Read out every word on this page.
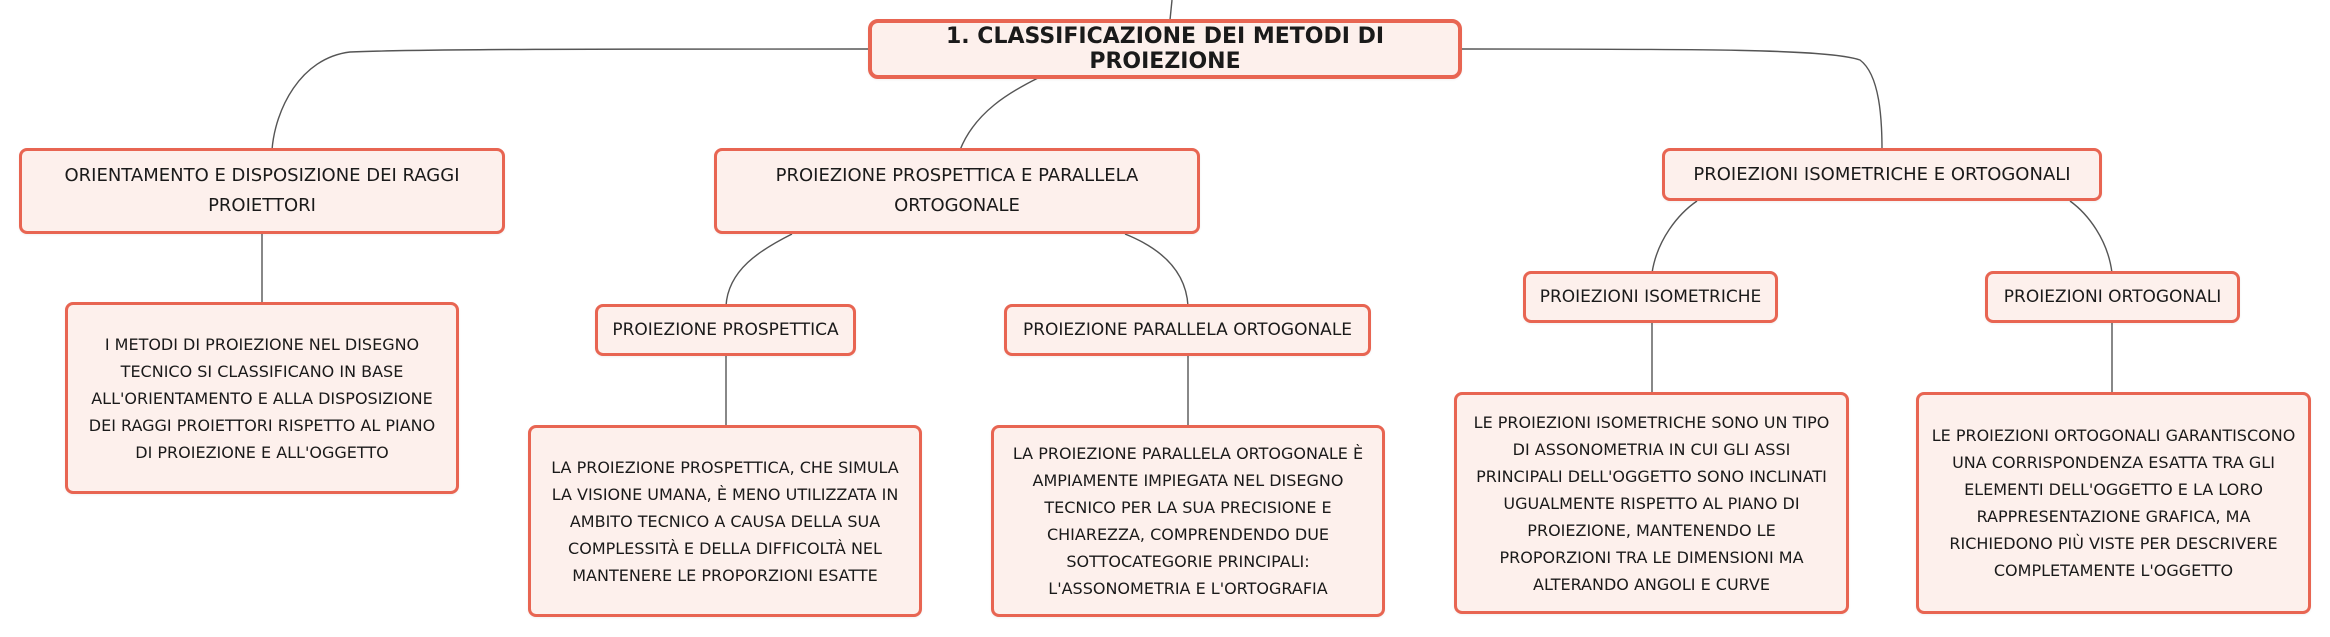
1. CLASSIFICAZIONE DEI METODI DI PROIEZIONE
ORIENTAMENTO E DISPOSIZIONE DEI RAGGI PROIETTORI
I METODI DI PROIEZIONE NEL DISEGNO TECNICO SI CLASSIFICANO IN BASE ALL'ORIENTAMENTO E ALLA DISPOSIZIONE DEI RAGGI PROIETTORI RISPETTO AL PIANO DI PROIEZIONE E ALL'OGGETTO
PROIEZIONE PROSPETTICA E PARALLELA ORTOGONALE
PROIEZIONE PROSPETTICA
LA PROIEZIONE PROSPETTICA, CHE SIMULA LA VISIONE UMANA, È MENO UTILIZZATA IN AMBITO TECNICO A CAUSA DELLA SUA COMPLESSITÀ E DELLA DIFFICOLTÀ NEL MANTENERE LE PROPORZIONI ESATTE
PROIEZIONE PARALLELA ORTOGONALE
LA PROIEZIONE PARALLELA ORTOGONALE È AMPIAMENTE IMPIEGATA NEL DISEGNO TECNICO PER LA SUA PRECISIONE E CHIAREZZA, COMPRENDENDO DUE SOTTOCATEGORIE PRINCIPALI: L'ASSONOMETRIA E L'ORTOGRAFIA
PROIEZIONI ISOMETRICHE E ORTOGONALI
PROIEZIONI ISOMETRICHE
LE PROIEZIONI ISOMETRICHE SONO UN TIPO DI ASSONOMETRIA IN CUI GLI ASSI PRINCIPALI DELL'OGGETTO SONO INCLINATI UGUALMENTE RISPETTO AL PIANO DI PROIEZIONE, MANTENENDO LE PROPORZIONI TRA LE DIMENSIONI MA ALTERANDO ANGOLI E CURVE
PROIEZIONI ORTOGONALI
LE PROIEZIONI ORTOGONALI GARANTISCONO UNA CORRISPONDENZA ESATTA TRA GLI ELEMENTI DELL'OGGETTO E LA LORO RAPPRESENTAZIONE GRAFICA, MA RICHIEDONO PIÙ VISTE PER DESCRIVERE COMPLETAMENTE L'OGGETTO
